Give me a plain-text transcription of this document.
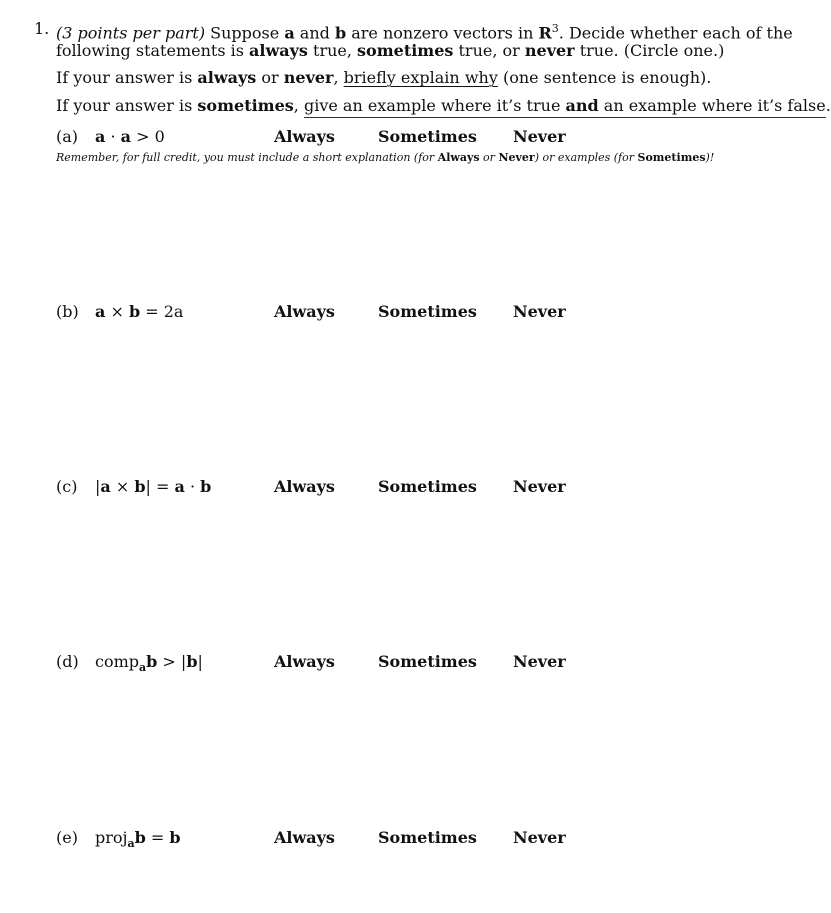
1. (3 points per part) Suppose a and b are nonzero vectors in $R^3$. Decide whether each of the
following statements is always true, sometimes true, or never true. (Circle one.)
If your answer is always or never, briefly explain why (one sentence is enough).
If your answer is sometimes, give an example where it’s true and an example where it’s false.
(a) a · a > 0	Always	Sometimes Never
Remember, for full credit, you must include a short explanation (for Always or Never) or examples (for Sometimes)!
(b) a × b = 2a	Always	Sometimes Never
(c) |a × b| = a · b	Always	Sometimes Never
(d) comp$_a$b > |b|	Always	Sometimes Never
(e) proj$_a$b = b	Always	Sometimes Never
